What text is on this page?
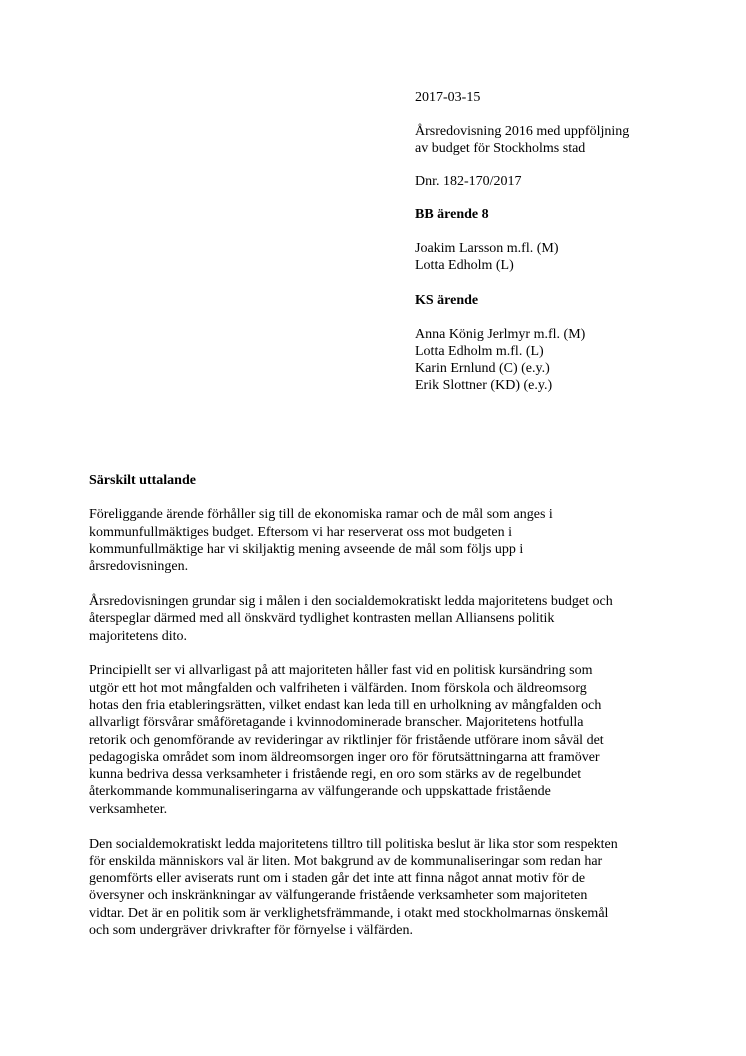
2017-03-15

Årsredovisning 2016 med uppföljning
av budget för Stockholms stad

Dnr. 182-170/2017

BB ärende 8

Joakim Larsson m.fl. (M)
Lotta Edholm (L)

KS ärende

Anna König Jerlmyr m.fl. (M)
Lotta Edholm m.fl. (L)
Karin Ernlund (C) (e.y.)
Erik Slottner (KD) (e.y.)

Särskilt uttalande

Föreliggande ärende förhåller sig till de ekonomiska ramar och de mål som anges i
kommunfullmäktiges budget. Eftersom vi har reserverat oss mot budgeten i
kommunfullmäktige har vi skiljaktig mening avseende de mål som följs upp i
årsredovisningen.

Årsredovisningen grundar sig i målen i den socialdemokratiskt ledda majoritetens budget och
återspeglar därmed med all önskvärd tydlighet kontrasten mellan Alliansens politik
majoritetens dito.

Principiellt ser vi allvarligast på att majoriteten håller fast vid en politisk kursändring som
utgör ett hot mot mångfalden och valfriheten i välfärden. Inom förskola och äldreomsorg
hotas den fria etableringsrätten, vilket endast kan leda till en urholkning av mångfalden och
allvarligt försvårar småföretagande i kvinnodominerade branscher. Majoritetens hotfulla
retorik och genomförande av revideringar av riktlinjer för fristående utförare inom såväl det
pedagogiska området som inom äldreomsorgen inger oro för förutsättningarna att framöver
kunna bedriva dessa verksamheter i fristående regi, en oro som stärks av de regelbundet
återkommande kommunaliseringarna av välfungerande och uppskattade fristående
verksamheter.

Den socialdemokratiskt ledda majoritetens tilltro till politiska beslut är lika stor som respekten
för enskilda människors val är liten. Mot bakgrund av de kommunaliseringar som redan har
genomförts eller aviserats runt om i staden går det inte att finna något annat motiv för de
översyner och inskränkningar av välfungerande fristående verksamheter som majoriteten
vidtar. Det är en politik som är verklighetsfrämmande, i otakt med stockholmarnas önskemål
och som undergräver drivkrafter för förnyelse i välfärden.
